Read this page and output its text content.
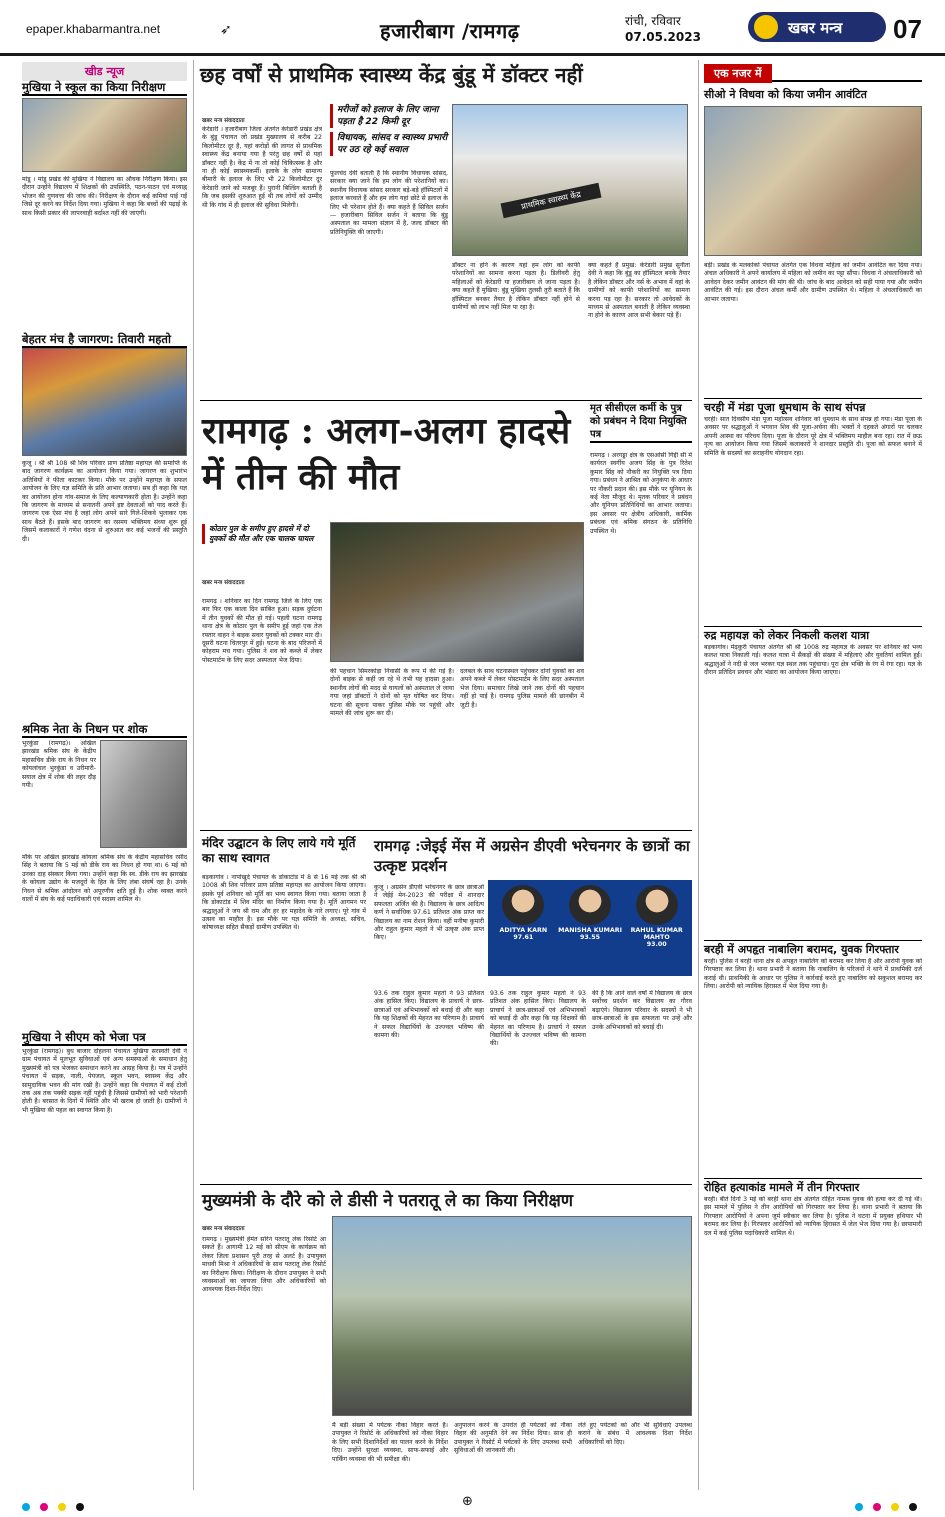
epaper.khabarmantra.net	➶	हजारीबाग /रामगढ़	रांची, रविवार
07.05.2023	खबर मन्त्र	07
खीड न्यूज
मुखिया ने स्कूल का किया निरीक्षण
मांडू । मांडू प्रखंड की मुखिया ने विद्यालय का औचक निरीक्षण किया। इस दौरान उन्होंने विद्यालय में शिक्षकों की उपस्थिति, पठन-पाठन एवं मध्याह्न भोजन की गुणवत्ता की जांच की। निरीक्षण के दौरान कई कमियां पाई गईं जिसे दूर करने का निर्देश दिया गया। मुखिया ने कहा कि बच्चों की पढ़ाई के साथ किसी प्रकार की लापरवाही बर्दाश्त नहीं की जाएगी।
बेहतर मंच है जागरण: तिवारी महतो
कुजू । श्री श्री 108 श्री शिव परिवार प्राण प्रतिष्ठा महायज्ञ की समाप्ति के बाद जागरण कार्यक्रम का आयोजन किया गया। जागरण का शुभारंभ अतिथियों ने फीता काटकर किया। मौके पर उन्होंने महायज्ञ के सफल आयोजन के लिए यज्ञ समिति के प्रति आभार जताया। सब ही कहा कि यज्ञ का आयोजन होना गांव-समाज के लिए कल्याणकारी होता है। उन्होंने कहा कि जागरण के माध्यम से सनातनी अपने इष्ट देवताओं को याद करते हैं। जागरण एक ऐसा मंच है जहां लोग अपने सारे गिले-शिकवे भुलाकर एक साथ बैठते हैं। इसके बाद जागरण का रसमय भक्तिमय संध्या शुरू हुई जिसमें कलाकारों ने गणेश वंदना से शुरुआत कर कई भजनों की प्रस्तुति दी।
श्रमिक नेता के निधन पर शोक
भुरकुंडा (रामगढ़)। अखिल झारखंड श्रमिक संघ के केंद्रीय महासचिव डीके राय के निधन पर कोयलांचल भुरकुंडा व उरीमारी-सयाल क्षेत्र में शोक की लहर दौड़ गयी।
मौके पर अखिल झारखंड कोयला श्रमिक संघ के केंद्रीय महासचिव रसीद सिंह ने बताया कि 5 मई को डीके राय का निधन हो गया था। 6 मई को उनका दाह संस्कार किया गया। उन्होंने कहा कि स्व. डीके राय का झारखंड के कोयला उद्योग के मजदूरों के हित के लिए लंबा संघर्ष रहा है। उनके निधन से श्रमिक आंदोलन को अपूरणीय क्षति हुई है। शोक व्यक्त करने वालों में संघ के कई पदाधिकारी एवं सदस्य शामिल थे।
मुखिया ने सीएम को भेजा पत्र
भुरकुंडा (रामगढ़)। बुध बाजार दोहलना पंचायत मुखिया सरस्वती देवी ने ग्राम पंचायत में मूलभूत सुविधाओं एवं अन्य समस्याओं के समाधान हेतु मुख्यमंत्री को पत्र भेजकर समाधान करने का आग्रह किया है। पत्र में उन्होंने पंचायत में सड़क, नाली, पेयजल, स्कूल भवन, स्वास्थ्य केंद्र और सामुदायिक भवन की मांग रखी है। उन्होंने कहा कि पंचायत में कई टोलों तक अब तक पक्की सड़क नहीं पहुंची है जिससे ग्रामीणों को भारी परेशानी होती है। बरसात के दिनों में स्थिति और भी खराब हो जाती है। ग्रामीणों ने भी मुखिया की पहल का स्वागत किया है।
छह वर्षों से प्राथमिक स्वास्थ्य केंद्र बुंडू में डॉक्टर नहीं
खबर मन्त्र संवाददाता
मरीजों को इलाज के लिए जाना पड़ता है 22 किमी दूर
विधायक, सांसद व स्वास्थ्य प्रभारी पर उठ रहे कई सवाल
प्राथमिक स्वास्थ्य केंद्र
केरेडारी । हजारीबाग जिला अंतर्गत केरेडारी प्रखंड क्षेत्र के बुंडू पंचायत जो प्रखंड मुख्यालय से करीब 22 किलोमीटर दूर है, यहां करोड़ों की लागत से प्राथमिक स्वास्थ्य केंद्र बनाया गया है परंतु छह वर्षों से यहां डॉक्टर नहीं है। केंद्र में ना तो कोई चिकित्सक है और ना ही कोई स्वास्थ्यकर्मी। इलाके के लोग सामान्य बीमारी के इलाज के लिए भी 22 किलोमीटर दूर केरेडारी जाने को मजबूर हैं। पुरानी बिल्डिंग बताती है कि जब इसकी शुरुआत हुई थी तब लोगों को उम्मीद थी कि गांव में ही इलाज की सुविधा मिलेगी।
फूलचंद देवी बताती हैं कि स्थानीय विधायक सांसद, सरकार क्या जाने कि हम लोग की परेशानियों का। स्थानीय विधायक सांसद सरकार बड़े-बड़े हॉस्पिटलों में इलाज करवाते हैं और हम लोग यहां छोटे से इलाज के लिए भी परेशान होते हैं। क्या कहते हैं सिविल सर्जन — हजारीबाग सिविल सर्जन ने बताया कि बुंडू अस्पताल का मामला संज्ञान में है, जल्द डॉक्टर की प्रतिनियुक्ति की जाएगी।
डॉक्टर ना होने के कारण यहां हम लोग को काफी परेशानियों का सामना करना पड़ता है। डिलीवरी हेतु महिलाओं को केरेडारी या हजारीबाग ले जाना पड़ता है। क्या कहते हैं मुखिया: बुंडू मुखिया तुलसी तुरी बताते हैं कि हॉस्पिटल बनकर तैयार है लेकिन डॉक्टर नहीं होने से ग्रामीणों को लाभ नहीं मिल पा रहा है।
क्या कहते हैं प्रमुख: केरेडारी प्रमुख सुनीता देवी ने कहा कि बुंडू का हॉस्पिटल बनके तैयार है लेकिन डॉक्टर और नर्स के अभाव में वहां के ग्रामीणों को काफी परेशानियों का सामना करना पड़ रहा है। सरकार तो आवेदकों के माध्यम से अस्पताल बनाती है लेकिन व्यवस्था ना होने के कारण आज सभी बेकार पड़े हैं।
रामगढ़ : अलग-अलग हादसे में तीन की मौत
कोठार पुल के समीप हुए हादसे में दो युवकों की मौत और एक चालक घायल
खबर मन्त्र संवाददाता
रामगढ़ । शनिवार का दिन रामगढ़ जिले के लिए एक बार फिर एक काला दिन साबित हुआ। सड़क दुर्घटना में तीन युवकों की मौत हो गई। पहली घटना रामगढ़ थाना क्षेत्र के कोठार पुल के समीप हुई जहां एक तेज रफ्तार वाहन ने बाइक सवार युवकों को टक्कर मार दी। दूसरी घटना चितरपुर में हुई। घटना के बाद परिजनों में कोहराम मच गया। पुलिस ने शव को कब्जे में लेकर पोस्टमार्टम के लिए सदर अस्पताल भेज दिया।
की पहचान सिमरकोड़ा निवासी के रूप में की गई है। दोनों बाइक से कहीं जा रहे थे तभी यह हादसा हुआ। स्थानीय लोगों की मदद से घायलों को अस्पताल ले जाया गया जहां डॉक्टरों ने दोनों को मृत घोषित कर दिया। घटना की सूचना पाकर पुलिस मौके पर पहुंची और मामले की जांच शुरू कर दी।
दलबल के साथ घटनास्थल पहुंचकर दोनों युवकों का शव अपने कब्जे में लेकर पोस्टमार्टम के लिए सदर अस्पताल भेज दिया। समाचार लिखे जाने तक दोनों की पहचान नहीं हो पाई है। रामगढ़ पुलिस मामले की छानबीन में जुटी है।
मृत सीसीएल कर्मी के पुत्र को प्रबंधन ने दिया नियुक्ति पत्र
रामगढ़ । अरगड्डा क्षेत्र के एसओसी गिद्दी सी में कार्यरत स्वर्गीय अजय सिंह के पुत्र रितेश कुमार सिंह को नौकरी का नियुक्ति पत्र दिया गया। प्रबंधन ने आश्रित को अनुकंपा के आधार पर नौकरी प्रदान की। इस मौके पर यूनियन के कई नेता मौजूद थे। मृतक परिवार ने प्रबंधन और यूनियन प्रतिनिधियों का आभार जताया। इस अवसर पर क्षेत्रीय अधिकारी, कार्मिक प्रबंधक एवं श्रमिक संगठन के प्रतिनिधि उपस्थित थे।
मंदिर उद्घाटन के लिए लाये गये मूर्ति का साथ स्वागत
बड़कागांव । नापोखुर्द पंचायत के डोकाटांड में 8 से 16 मई तक श्री श्री 1008 श्री शिव परिवार प्राण प्रतिष्ठा महायज्ञ का आयोजन किया जाएगा। इसके पूर्व शनिवार को मूर्ति का भव्य स्वागत किया गया। बताया जाता है कि डोकाटांड में शिव मंदिर का निर्माण किया गया है। मूर्ति आगमन पर श्रद्धालुओं ने जय श्री राम और हर हर महादेव के नारे लगाए। पूरे गांव में उत्सव का माहौल है। इस मौके पर यज्ञ समिति के अध्यक्ष, सचिव, कोषाध्यक्ष सहित सैकड़ों ग्रामीण उपस्थित थे।
रामगढ़ :जेइई मेंस में अग्रसेन डीएवी भरेचनगर के छात्रों का उत्कृष्ट प्रदर्शन
कुजू । अग्रसेन डीएवी भरेचनगर के छात्र छात्राओं ने जेईई मेन-2023 की परीक्षा में शानदार सफलता अर्जित की है। विद्यालय के छात्र आदित्य कर्ण ने सर्वाधिक 97.61 प्रतिशत अंक प्राप्त कर विद्यालय का नाम रोशन किया। वहीं मनीषा कुमारी और राहुल कुमार महतो ने भी उत्कृष्ट अंक प्राप्त किए।
ADITYA KARN
97.61
MANISHA KUMARI
93.55
RAHUL KUMAR MAHTO
93.00
93.6 तक राहुल कुमार महतो ने 93 प्रतिशत अंक हासिल किए। विद्यालय के प्राचार्य ने छात्र-छात्राओं एवं अभिभावकों को बधाई दी और कहा कि यह शिक्षकों की मेहनत का परिणाम है। प्राचार्य ने सफल विद्यार्थियों के उज्ज्वल भविष्य की कामना की।
93.6 तक राहुल कुमार महतो ने 93 प्रतिशत अंक हासिल किए। विद्यालय के प्राचार्य ने छात्र-छात्राओं एवं अभिभावकों को बधाई दी और कहा कि यह शिक्षकों की मेहनत का परिणाम है। प्राचार्य ने सफल विद्यार्थियों के उज्ज्वल भविष्य की कामना की।
की है कि आने वाले वर्षों में विद्यालय के छात्र सर्वोच्च प्रदर्शन कर विद्यालय का गौरव बढ़ाएंगे। विद्यालय परिवार के सदस्यों ने भी छात्र-छात्राओं के इस सफलता पर उन्हें और उनके अभिभावकों को बधाई दी।
मुख्यमंत्री के दौरे को ले डीसी ने पतरातू ले का किया निरीक्षण
खबर मन्त्र संवाददाता
रामगढ़ । मुख्यमंत्री हेमंत सोरेन पतरातू लेक रिसोर्ट आ सकते हैं। आगामी 12 मई को सीएम के कार्यक्रम को लेकर जिला प्रशासन पूरी तरह से अलर्ट है। उपायुक्त माधवी मिश्रा ने अधिकारियों के साथ पतरातू लेक रिसोर्ट का निरीक्षण किया। निरीक्षण के दौरान उपायुक्त ने सभी व्यवस्थाओं का जायजा लिया और अधिकारियों को आवश्यक दिशा-निर्देश दिए।
मैं बड़ी संख्या में पर्यटक नौका विहार करते हैं। उपायुक्त ने रिसोर्ट के अधिकारियों को नौका विहार के लिए सभी दिशानिर्देशों का पालन करने के निर्देश दिए। उन्होंने सुरक्षा व्यवस्था, साफ-सफाई और पार्किंग व्यवस्था की भी समीक्षा की।
अनुपालन करने के उपरांत ही पर्यटकों को नौका विहार की अनुमति देने का निर्देश दिया। साथ ही उपायुक्त ने रिसोर्ट में पर्यटकों के लिए उपलब्ध सभी सुविधाओं की जानकारी ली।
लेते हुए पर्यटकों को और भी सुविधाएं उपलब्ध कराने के संबंध में आवश्यक दिशा निर्देश अधिकारियों को दिए।
एक नजर में
सीओ ने विधवा को किया जमीन आवंटित
बड़ी। प्रखंड के मलकोको पंचायत अंतर्गत एक विधवा महिला को जमीन आवंटित कर दिया गया। अंचल अधिकारी ने अपने कार्यालय में महिला को जमीन का पट्टा सौंपा। विधवा ने अंचलाधिकारी को आवेदन देकर जमीन आवंटन की मांग की थी। जांच के बाद आवेदन को सही पाया गया और जमीन आवंटित की गई। इस दौरान अंचल कर्मी और ग्रामीण उपस्थित थे। महिला ने अंचलाधिकारी का आभार जताया।
चरही में मंडा पूजा धूमधाम के साथ संपन्न
चरही। सात दिवसीय मंडा पूजा महोत्सव शनिवार को धूमधाम के साथ संपन्न हो गया। मंडा पूजा के अवसर पर श्रद्धालुओं ने भगवान शिव की पूजा-अर्चना की। भक्तों ने दहकते अंगारों पर चलकर अपनी आस्था का परिचय दिया। पूजा के दौरान पूरे क्षेत्र में भक्तिमय माहौल बना रहा। रात में छऊ नृत्य का आयोजन किया गया जिसमें कलाकारों ने शानदार प्रस्तुति दी। पूजा को सफल बनाने में समिति के सदस्यों का सराहनीय योगदान रहा।
रुद्र महायज्ञ को लेकर निकली कलश यात्रा
बड़कागांव। मेढ़कुरी पंचायत अंतर्गत श्री श्री 1008 रुद्र महायज्ञ के अवसर पर शनिवार को भव्य कलश यात्रा निकाली गई। कलश यात्रा में सैकड़ों की संख्या में महिलाएं और युवतियां शामिल हुईं। श्रद्धालुओं ने नदी से जल भरकर यज्ञ स्थल तक पहुंचाया। पूरा क्षेत्र भक्ति के रंग में रंगा रहा। यज्ञ के दौरान प्रतिदिन प्रवचन और भंडारा का आयोजन किया जाएगा।
बरही में अपहृत नाबालिग बरामद, युवक गिरफ्तार
बरही। पुलिस ने बरही थाना क्षेत्र से अपहृत नाबालिग को बरामद कर लिया है और आरोपी युवक को गिरफ्तार कर लिया है। थाना प्रभारी ने बताया कि नाबालिग के परिजनों ने थाने में प्राथमिकी दर्ज कराई थी। प्राथमिकी के आधार पर पुलिस ने कार्रवाई करते हुए नाबालिग को सकुशल बरामद कर लिया। आरोपी को न्यायिक हिरासत में भेज दिया गया है।
रोहित हत्याकांड मामले में तीन गिरफ्तार
बरही। बीते दिनों 3 मई को बरही थाना क्षेत्र अंतर्गत रोहित नामक युवक की हत्या कर दी गई थी। इस मामले में पुलिस ने तीन आरोपियों को गिरफ्तार कर लिया है। थाना प्रभारी ने बताया कि गिरफ्तार आरोपियों ने अपना जुर्म स्वीकार कर लिया है। पुलिस ने घटना में प्रयुक्त हथियार भी बरामद कर लिया है। गिरफ्तार आरोपियों को न्यायिक हिरासत में जेल भेज दिया गया है। छापामारी दल में कई पुलिस पदाधिकारी शामिल थे।

⊕
